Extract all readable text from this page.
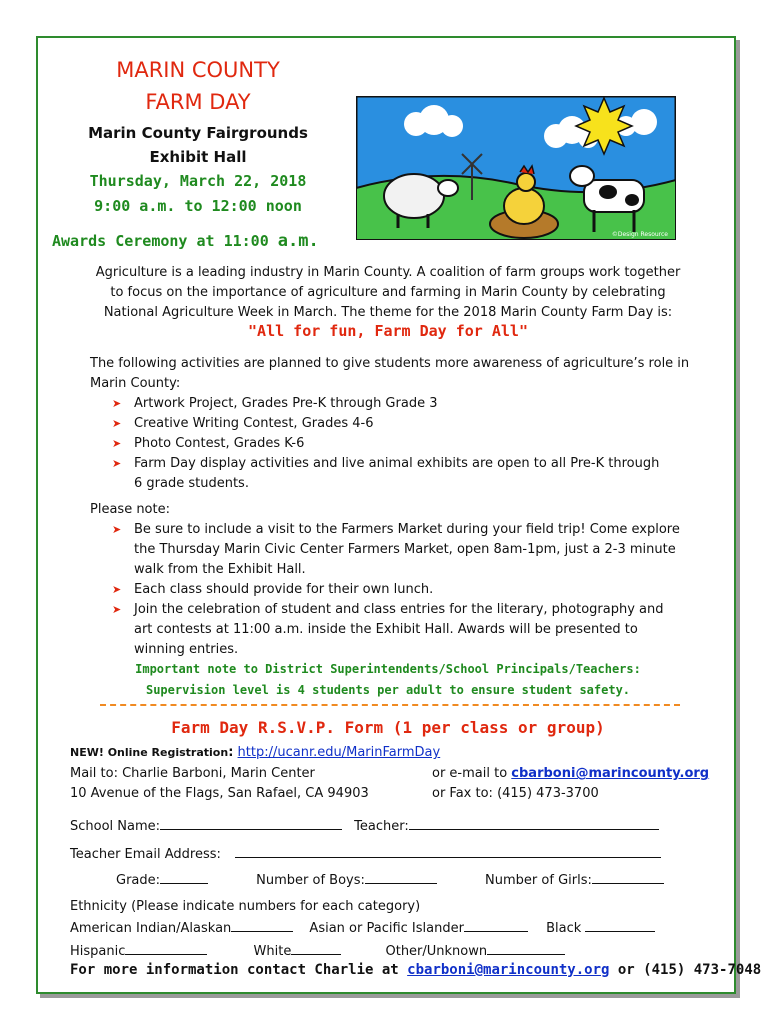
MARIN COUNTY
FARM DAY
Marin County Fairgrounds
Exhibit Hall
Thursday, March 22, 2018
9:00 a.m. to 12:00 noon
Awards Ceremony at 11:00 a.m.	©Design Resource
Agriculture is a leading industry in Marin County. A coalition of farm groups work together
to focus on the importance of agriculture and farming in Marin County by celebrating
National Agriculture Week in March. The theme for the 2018 Marin County Farm Day is:
"All for fun, Farm Day for All"
The following activities are planned to give students more awareness of agriculture’s role in
Marin County:
➤ Artwork Project, Grades Pre-K through Grade 3
➤ Creative Writing Contest, Grades 4-6
➤ Photo Contest, Grades K-6
➤ Farm Day display activities and live animal exhibits are open to all Pre-K through
6 grade students.
Please note:
➤ Be sure to include a visit to the Farmers Market during your field trip! Come explore
the Thursday Marin Civic Center Farmers Market, open 8am-1pm, just a 2-3 minute
walk from the Exhibit Hall.
➤ Each class should provide for their own lunch.
➤ Join the celebration of student and class entries for the literary, photography and
art contests at 11:00 a.m. inside the Exhibit Hall. Awards will be presented to
winning entries.
Important note to District Superintendents/School Principals/Teachers:
Supervision level is 4 students per adult to ensure student safety.
Farm Day R.S.V.P. Form (1 per class or group)
NEW! Online Registration: http://ucanr.edu/MarinFarmDay
Mail to: Charlie Barboni, Marin Center	or e-mail to cbarboni@marincounty.org
10 Avenue of the Flags, San Rafael, CA 94903	or Fax to: (415) 473-3700
School Name:	Teacher:
Teacher Email Address:
Grade:	Number of Boys:	Number of Girls:
Ethnicity (Please indicate numbers for each category)
American Indian/Alaskan	Asian or Pacific Islander	Black
Hispanic	White	Other/Unknown
For more information contact Charlie at cbarboni@marincounty.org or (415) 473-7048
